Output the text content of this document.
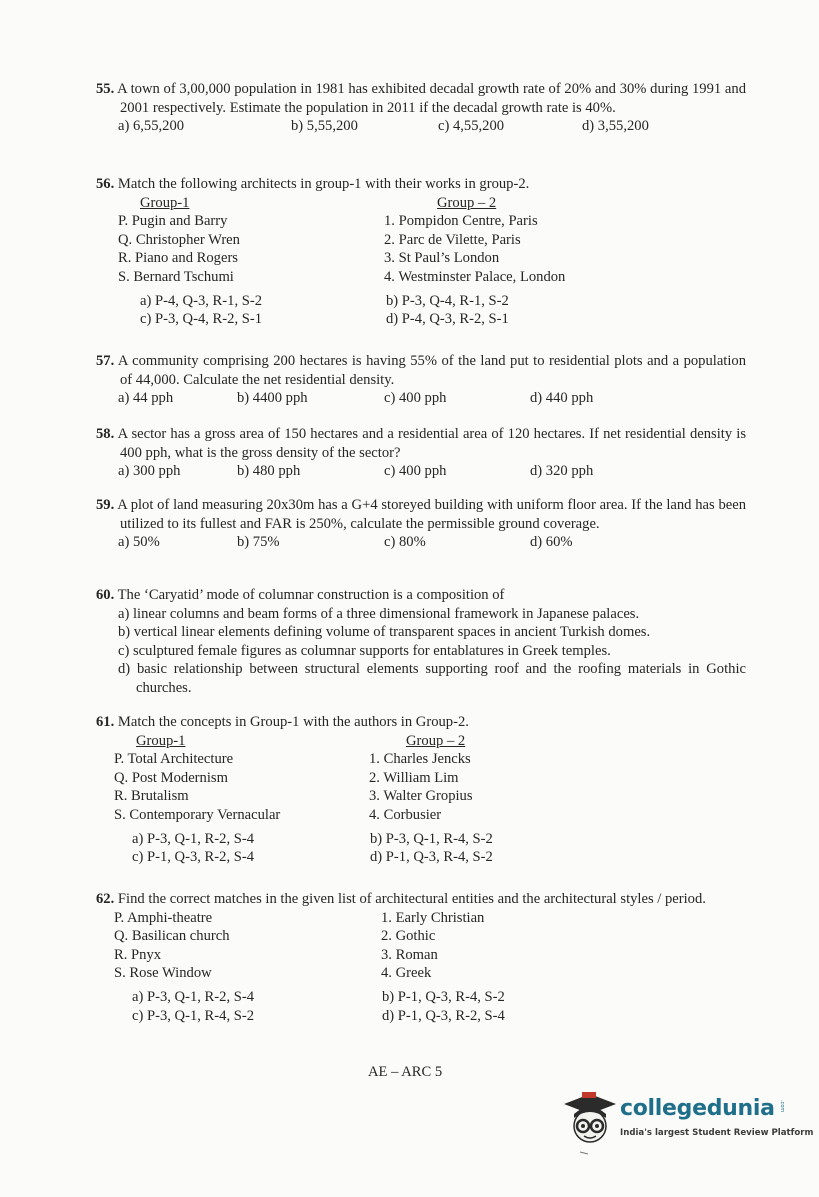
55. A town of 3,00,000 population in 1981 has exhibited decadal growth rate of 20% and 30% during 1991 and 2001 respectively. Estimate the population in 2011 if the decadal growth rate is 40%.
a) 6,55,200	b) 5,55,200	c) 4,55,200	d) 3,55,200
56. Match the following architects in group-1 with their works in group-2.
Group-1	Group – 2
P. Pugin and Barry	1. Pompidon Centre, Paris
Q. Christopher Wren	2. Parc de Vilette, Paris
R. Piano and Rogers	3. St Paul’s London
S. Bernard Tschumi	4. Westminster Palace, London
a) P-4, Q-3, R-1, S-2	b) P-3, Q-4, R-1, S-2
c) P-3, Q-4, R-2, S-1	d) P-4, Q-3, R-2, S-1
57. A community comprising 200 hectares is having 55% of the land put to residential plots and a population of 44,000. Calculate the net residential density.
a) 44 pph	b) 4400 pph	c) 400 pph	d) 440 pph
58. A sector has a gross area of 150 hectares and a residential area of 120 hectares. If net residential density is 400 pph, what is the gross density of the sector?
a) 300 pph	b) 480 pph	c) 400 pph	d) 320 pph
59. A plot of land measuring 20x30m has a G+4 storeyed building with uniform floor area. If the land has been utilized to its fullest and FAR is 250%, calculate the permissible ground coverage.
a) 50%	b) 75%	c) 80%	d) 60%
60. The ‘Caryatid’ mode of columnar construction is a composition of
a) linear columns and beam forms of a three dimensional framework in Japanese palaces.
b) vertical linear elements defining volume of transparent spaces in ancient Turkish domes.
c) sculptured female figures as columnar supports for entablatures in Greek temples.
d) basic relationship between structural elements supporting roof and the roofing materials in Gothic churches.
61. Match the concepts in Group-1 with the authors in Group-2.
Group-1	Group – 2
P. Total Architecture	1. Charles Jencks
Q. Post Modernism	2. William Lim
R. Brutalism	3. Walter Gropius
S. Contemporary Vernacular	4. Corbusier
a) P-3, Q-1, R-2, S-4	b) P-3, Q-1, R-4, S-2
c) P-1, Q-3, R-2, S-4	d) P-1, Q-3, R-4, S-2
62. Find the correct matches in the given list of architectural entities and the architectural styles / period.
P. Amphi-theatre	1. Early Christian
Q. Basilican church	2. Gothic
R. Pnyx	3. Roman
S. Rose Window	4. Greek
a) P-3, Q-1, R-2, S-4	b) P-1, Q-3, R-4, S-2
c) P-3, Q-1, R-4, S-2	d) P-1, Q-3, R-2, S-4
AE – ARC 5
collegedunia .com
India's largest Student Review Platform
